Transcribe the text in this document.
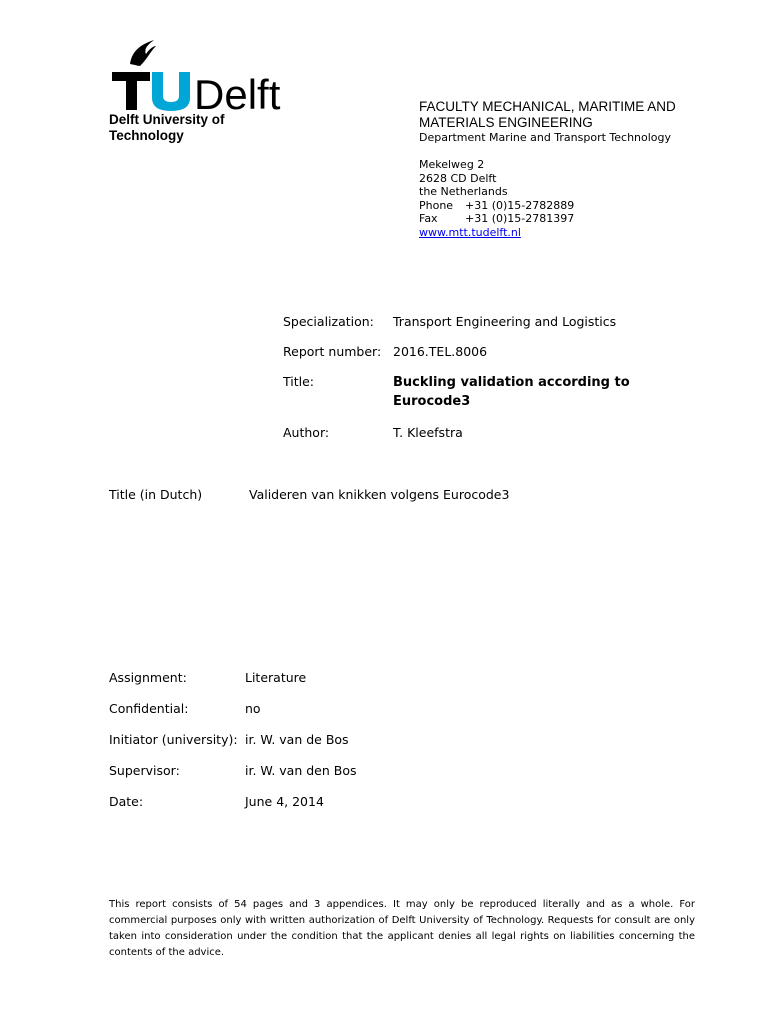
Delft
Delft University of Technology
FACULTY MECHANICAL, MARITIME AND MATERIALS ENGINEERING
Department Marine and Transport Technology
Mekelweg 2
2628 CD Delft
the Netherlands
Phone	+31 (0)15-2782889
Fax	+31 (0)15-2781397
www.mtt.tudelft.nl
Specialization:	Transport Engineering and Logistics
Report number: 2016.TEL.8006
Title:	Buckling validation according to Eurocode3
Author:	T. Kleefstra
Title (in Dutch)	Valideren van knikken volgens Eurocode3
Assignment:	Literature
Confidential:	no
Initiator (university): ir. W. van de Bos
Supervisor:	ir. W. van den Bos
Date:	June 4, 2014
This report consists of 54 pages and 3 appendices. It may only be reproduced literally and as a whole. For commercial purposes only with written authorization of Delft University of Technology. Requests for consult are only taken into consideration under the condition that the applicant denies all legal rights on liabilities concerning the contents of the advice.
